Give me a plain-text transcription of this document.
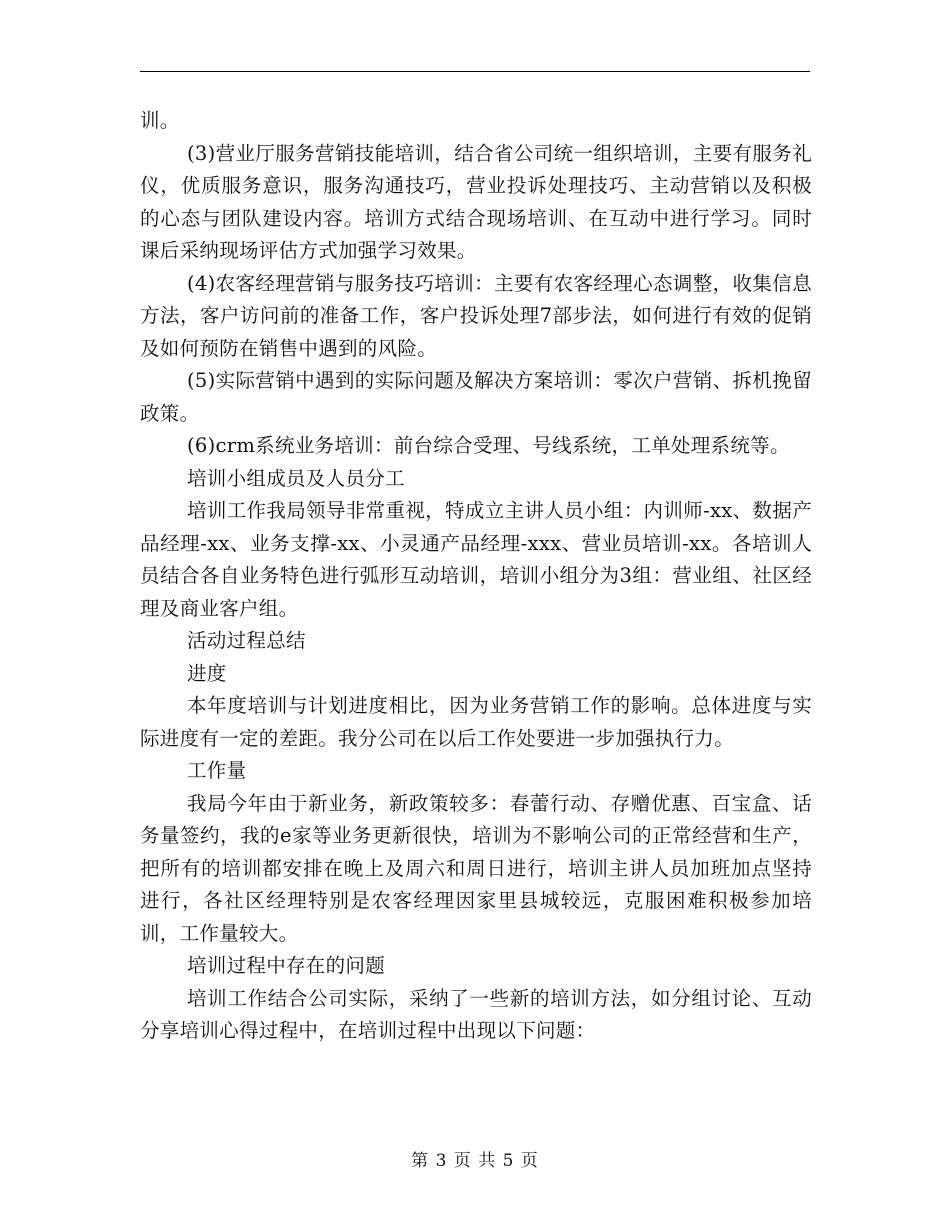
训。

(3)营业厅服务营销技能培训，结合省公司统一组织培训，主要有服务礼仪，优质服务意识，服务沟通技巧，营业投诉处理技巧、主动营销以及积极的心态与团队建设内容。培训方式结合现场培训、在互动中进行学习。同时课后采纳现场评估方式加强学习效果。

(4)农客经理营销与服务技巧培训：主要有农客经理心态调整，收集信息方法，客户访问前的准备工作，客户投诉处理7部步法，如何进行有效的促销及如何预防在销售中遇到的风险。

(5)实际营销中遇到的实际问题及解决方案培训：零次户营销、拆机挽留政策。

(6)crm系统业务培训：前台综合受理、号线系统，工单处理系统等。

培训小组成员及人员分工

培训工作我局领导非常重视，特成立主讲人员小组：内训师-xx、数据产品经理-xx、业务支撑-xx、小灵通产品经理-xxx、营业员培训-xx。各培训人员结合各自业务特色进行弧形互动培训，培训小组分为3组：营业组、社区经理及商业客户组。

活动过程总结

进度

本年度培训与计划进度相比，因为业务营销工作的影响。总体进度与实际进度有一定的差距。我分公司在以后工作处要进一步加强执行力。

工作量

我局今年由于新业务，新政策较多：春蕾行动、存赠优惠、百宝盒、话务量签约，我的e家等业务更新很快，培训为不影响公司的正常经营和生产，把所有的培训都安排在晚上及周六和周日进行，培训主讲人员加班加点坚持进行，各社区经理特别是农客经理因家里县城较远，克服困难积极参加培训，工作量较大。

培训过程中存在的问题

培训工作结合公司实际，采纳了一些新的培训方法，如分组讨论、互动分享培训心得过程中，在培训过程中出现以下问题：

第 3 页 共 5 页
